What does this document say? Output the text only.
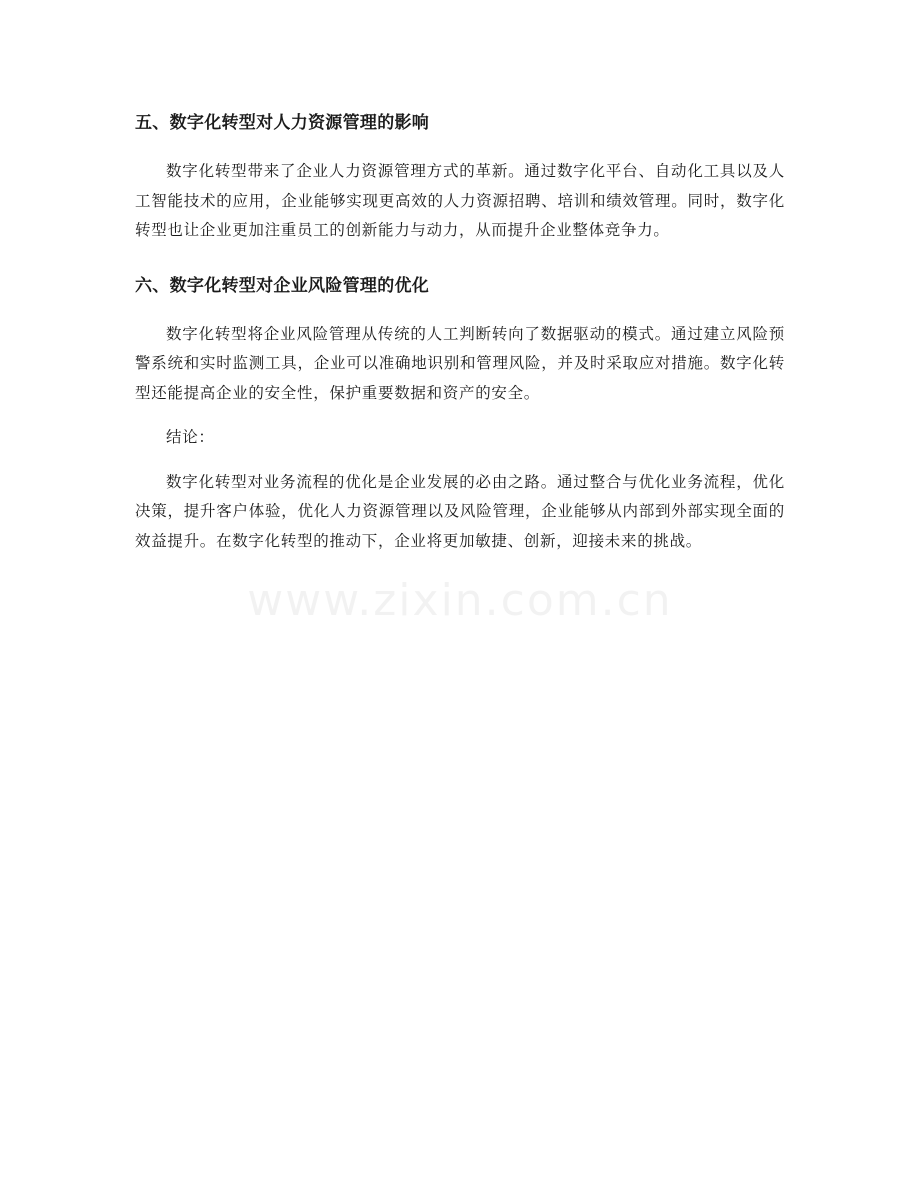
五、数字化转型对人力资源管理的影响

数字化转型带来了企业人力资源管理方式的革新。通过数字化平台、自动化工具以及人工智能技术的应用，企业能够实现更高效的人力资源招聘、培训和绩效管理。同时，数字化转型也让企业更加注重员工的创新能力与动力，从而提升企业整体竞争力。

六、数字化转型对企业风险管理的优化

数字化转型将企业风险管理从传统的人工判断转向了数据驱动的模式。通过建立风险预警系统和实时监测工具，企业可以准确地识别和管理风险，并及时采取应对措施。数字化转型还能提高企业的安全性，保护重要数据和资产的安全。

结论：

数字化转型对业务流程的优化是企业发展的必由之路。通过整合与优化业务流程，优化决策，提升客户体验，优化人力资源管理以及风险管理，企业能够从内部到外部实现全面的效益提升。在数字化转型的推动下，企业将更加敏捷、创新，迎接未来的挑战。

www.zixin.com.cn
